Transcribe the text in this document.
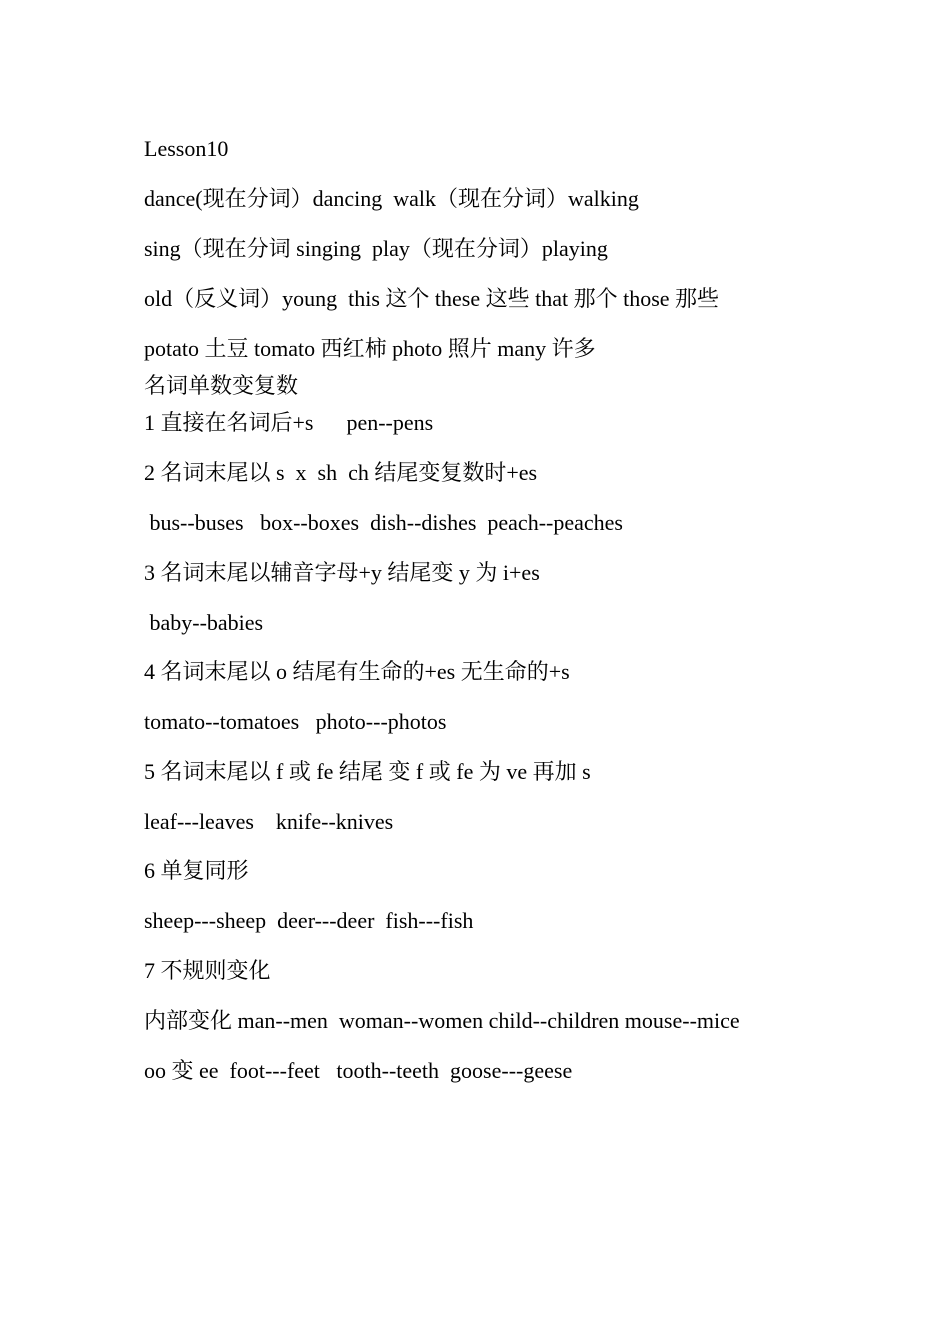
Lesson10
dance(现在分词）dancing  walk（现在分词）walking
sing（现在分词 singing  play（现在分词）playing
old（反义词）young  this 这个 these 这些 that 那个 those 那些
potato 土豆 tomato 西红柿 photo 照片 many 许多
名词单数变复数
1 直接在名词后+s      pen--pens
2 名词末尾以 s  x  sh  ch 结尾变复数时+es
bus--buses   box--boxes  dish--dishes  peach--peaches
3 名词末尾以辅音字母+y 结尾变 y 为 i+es
baby--babies
4 名词末尾以 o 结尾有生命的+es 无生命的+s
tomato--tomatoes   photo---photos
5 名词末尾以 f 或 fe 结尾 变 f 或 fe 为 ve 再加 s
leaf---leaves    knife--knives
6 单复同形
sheep---sheep  deer---deer  fish---fish
7 不规则变化
内部变化 man--men  woman--women child--children mouse--mice
oo 变 ee  foot---feet   tooth--teeth  goose---geese
